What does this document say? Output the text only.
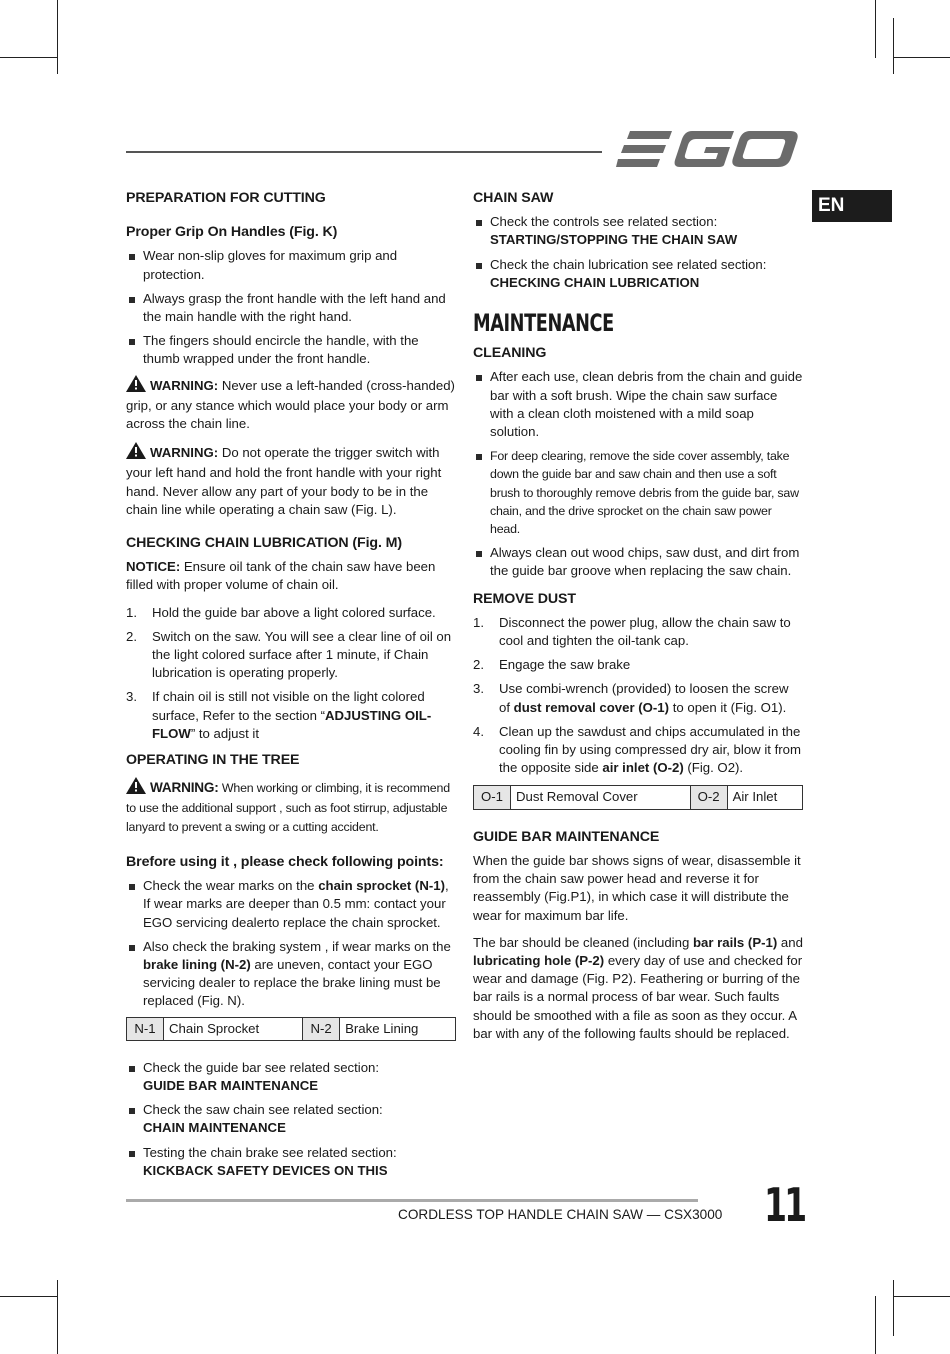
EN
PREPARATION FOR CUTTING
Proper Grip On Handles (Fig. K)
Wear non-slip gloves for maximum grip and protection.
Always grasp the front handle with the left hand and the main handle with the right hand.
The fingers should encircle the handle, with the thumb wrapped under the front handle.
WARNING: Never use a left-handed (cross-handed) grip, or any stance which would place your body or arm across the chain line.
WARNING: Do not operate the trigger switch with your left hand and hold the front handle with your right hand. Never allow any part of your body to be in the chain line while operating a chain saw (Fig. L).
CHECKING CHAIN LUBRICATION (Fig. M)
NOTICE: Ensure oil tank of the chain saw have been filled with proper volume of chain oil.
1. Hold the guide bar above a light colored surface.
2. Switch on the saw. You will see a clear line of oil on the light colored surface after 1 minute, if Chain lubrication is operating properly.
3. If chain oil is still not visible on the light colored surface, Refer to the section “ADJUSTING OIL-FLOW” to adjust it
OPERATING IN THE TREE
WARNING: When working or climbing, it is recommend to use the additional support , such as foot stirrup, adjustable lanyard to prevent a swing or a cutting accident.
Brefore using it , please check following points:
Check the wear marks on the chain sprocket (N-1), If wear marks are deeper than 0.5 mm: contact your EGO servicing dealerto replace the chain sprocket.
Also check the braking system , if wear marks on the brake lining (N-2) are uneven, contact your EGO servicing dealer to replace the brake lining must be replaced (Fig. N).
N-1	Chain Sprocket	N-2	Brake Lining
Check the guide bar see related section:
GUIDE BAR MAINTENANCE
Check the saw chain see related section:
CHAIN MAINTENANCE
Testing the chain brake see related section:
KICKBACK SAFETY DEVICES ON THIS
CHAIN SAW
Check the controls see related section:
STARTING/STOPPING THE CHAIN SAW
Check the chain lubrication see related section:
CHECKING CHAIN LUBRICATION
MAINTENANCE
CLEANING
After each use, clean debris from the chain and guide bar with a soft brush. Wipe the chain saw surface with a clean cloth moistened with a mild soap solution.
For deep clearing, remove the side cover assembly, take down the guide bar and saw chain and then use a soft brush to thoroughly remove debris from the guide bar, saw chain, and the drive sprocket on the chain saw power head.
Always clean out wood chips, saw dust, and dirt from the guide bar groove when replacing the saw chain.
REMOVE DUST
1. Disconnect the power plug, allow the chain saw to cool and tighten the oil-tank cap.
2. Engage the saw brake
3. Use combi-wrench (provided) to loosen the screw of dust removal cover (O-1) to open it (Fig. O1).
4. Clean up the sawdust and chips accumulated in the cooling fin by using compressed dry air, blow it from the opposite side air inlet (O-2) (Fig. O2).
O-1	Dust Removal Cover	O-2	Air Inlet
GUIDE BAR MAINTENANCE
When the guide bar shows signs of wear, disassemble it from the chain saw power head and reverse it for reassembly (Fig.P1), in which case it will distribute the wear for maximum bar life.
The bar should be cleaned (including bar rails (P-1) and lubricating hole (P-2) every day of use and checked for wear and damage (Fig. P2). Feathering or burring of the bar rails is a normal process of bar wear. Such faults should be smoothed with a file as soon as they occur. A bar with any of the following faults should be replaced.
CORDLESS TOP HANDLE CHAIN SAW — CSX3000 11
